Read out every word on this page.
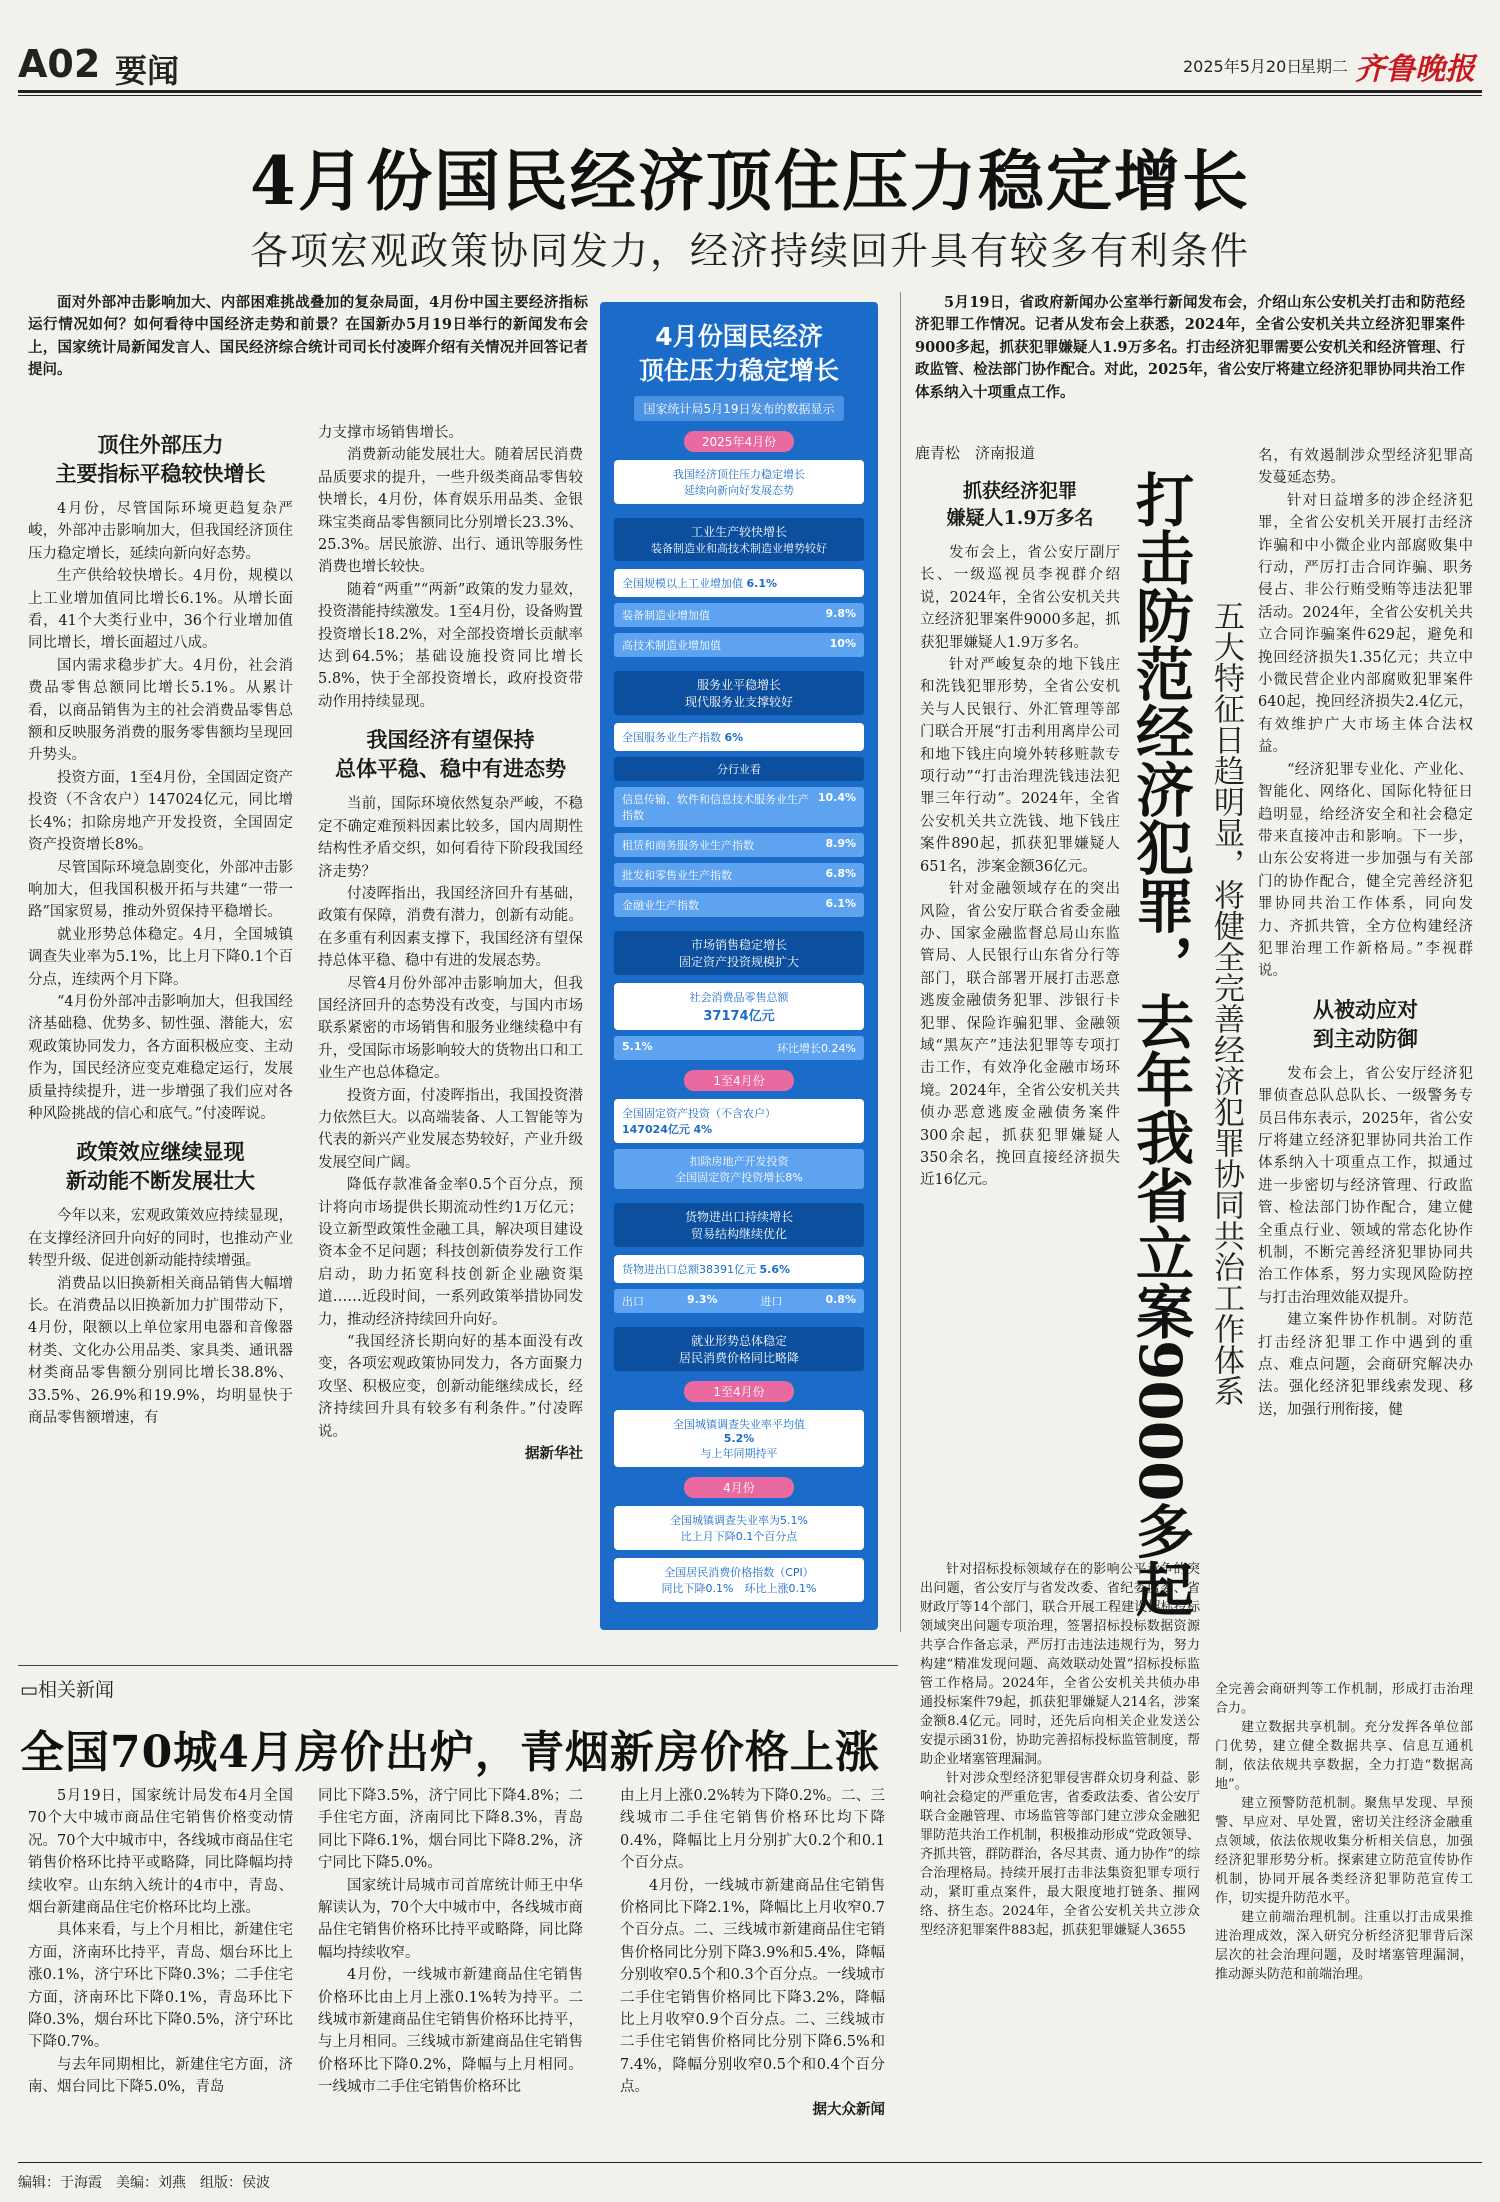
A02 要闻	2025年5月20日
星期二 齐鲁晚报
4月份国民经济顶住压力稳定增长
各项宏观政策协同发力，经济持续回升具有较多有利条件

面对外部冲击影响加大、内部困难挑战叠加的复杂局面，4月份中国主要经济指标运行情况如何？如何看待中国经济走势和前景？在国新办5月19日举行的新闻发布会上，国家统计局新闻发言人、国民经济综合统计司司长付凌晖介绍有关情况并回答记者提问。

顶住外部压力
主要指标平稳较快增长

4月份，尽管国际环境更趋复杂严峻，外部冲击影响加大，但我国经济顶住压力稳定增长，延续向新向好态势。

生产供给较快增长。4月份，规模以上工业增加值同比增长6.1%。从增长面看，41个大类行业中，36个行业增加值同比增长，增长面超过八成。

国内需求稳步扩大。4月份，社会消费品零售总额同比增长5.1%。从累计看，以商品销售为主的社会消费品零售总额和反映服务消费的服务零售额均呈现回升势头。

投资方面，1至4月份，全国固定资产投资（不含农户）147024亿元，同比增长4%；扣除房地产开发投资，全国固定资产投资增长8%。

尽管国际环境急剧变化，外部冲击影响加大，但我国积极开拓与共建“一带一路”国家贸易，推动外贸保持平稳增长。

就业形势总体稳定。4月，全国城镇调查失业率为5.1%，比上月下降0.1个百分点，连续两个月下降。

“4月份外部冲击影响加大，但我国经济基础稳、优势多、韧性强、潜能大，宏观政策协同发力，各方面积极应变、主动作为，国民经济应变克难稳定运行，发展质量持续提升，进一步增强了我们应对各种风险挑战的信心和底气。”付凌晖说。

政策效应继续显现
新动能不断发展壮大

今年以来，宏观政策效应持续显现，在支撑经济回升向好的同时，也推动产业转型升级、促进创新动能持续增强。

消费品以旧换新相关商品销售大幅增长。在消费品以旧换新加力扩围带动下，4月份，限额以上单位家用电器和音像器材类、文化办公用品类、家具类、通讯器材类商品零售额分别同比增长38.8%、33.5%、26.9%和19.9%，均明显快于商品零售额增速，有

力支撑市场销售增长。

消费新动能发展壮大。随着居民消费品质要求的提升，一些升级类商品零售较快增长，4月份，体育娱乐用品类、金银珠宝类商品零售额同比分别增长23.3%、25.3%。居民旅游、出行、通讯等服务性消费也增长较快。

随着“两重”“两新”政策的发力显效，投资潜能持续激发。1至4月份，设备购置投资增长18.2%，对全部投资增长贡献率达到64.5%；基础设施投资同比增长5.8%，快于全部投资增长，政府投资带动作用持续显现。

我国经济有望保持
总体平稳、稳中有进态势

当前，国际环境依然复杂严峻，不稳定不确定难预料因素比较多，国内周期性结构性矛盾交织，如何看待下阶段我国经济走势？

付凌晖指出，我国经济回升有基础，政策有保障，消费有潜力，创新有动能。在多重有利因素支撑下，我国经济有望保持总体平稳、稳中有进的发展态势。

尽管4月份外部冲击影响加大，但我国经济回升的态势没有改变，与国内市场联系紧密的市场销售和服务业继续稳中有升，受国际市场影响较大的货物出口和工业生产也总体稳定。

投资方面，付凌晖指出，我国投资潜力依然巨大。以高端装备、人工智能等为代表的新兴产业发展态势较好，产业升级发展空间广阔。

降低存款准备金率0.5个百分点，预计将向市场提供长期流动性约1万亿元；设立新型政策性金融工具，解决项目建设资本金不足问题；科技创新债券发行工作启动，助力拓宽科技创新企业融资渠道……近段时间，一系列政策举措协同发力，推动经济持续回升向好。

“我国经济长期向好的基本面没有改变，各项宏观政策协同发力，各方面聚力攻坚、积极应变，创新动能继续成长，经济持续回升具有较多有利条件。”付凌晖说。

据新华社

4月份国民经济
顶住压力稳定增长
国家统计局5月19日发布的数据显示
2025年4月份
我国经济顶住压力稳定增长
延续向新向好发展态势
工业生产较快增长
装备制造业和高技术制造业增势较好
全国规模以上工业增加值 6.1%
装备制造业增加值	9.8%
高技术制造业增加值	10%
服务业平稳增长
现代服务业支撑较好
全国服务业生产指数 6%
分行业看
信息传输、软件和信息技术服务业生产指数
10.4%
租赁和商务服务业生产指数	8.9%
批发和零售业生产指数	6.8%
金融业生产指数	6.1%
市场销售稳定增长
固定资产投资规模扩大
社会消费品零售总额
37174亿元
5.1%	环比增长0.24%
1至4月份
全国固定资产投资（不含农户）
147024亿元 4%
扣除房地产开发投资
全国固定资产投资增长8%
货物进出口持续增长
贸易结构继续优化
货物进出口总额38391亿元 5.6%
出口	9.3%	进口	0.8%
就业形势总体稳定
居民消费价格同比略降
1至4月份
全国城镇调查失业率平均值
5.2%
与上年同期持平
4月份
全国城镇调查失业率为5.1%
比上月下降0.1个百分点
全国居民消费价格指数（CPI）
同比下降0.1%　 环比上涨0.1%

5月19日，省政府新闻办公室举行新闻发布会，介绍山东公安机关打击和防范经济犯罪工作情况。记者从发布会上获悉，2024年，全省公安机关共立经济犯罪案件9000多起，抓获犯罪嫌疑人1.9万多名。打击经济犯罪需要公安机关和经济管理、行政监管、检法部门协作配合。对此，2025年，省公安厅将建立经济犯罪协同共治工作体系纳入十项重点工作。

鹿青松　济南报道
打击防范经济犯罪，去年我省立案9000多起 五大特征日趋明显，将健全完善经济犯罪协同共治工作体系
抓获经济犯罪
嫌疑人1.9万多名

发布会上，省公安厅副厅长、一级巡视员李视群介绍说，2024年，全省公安机关共立经济犯罪案件9000多起，抓获犯罪嫌疑人1.9万多名。

针对严峻复杂的地下钱庄和洗钱犯罪形势，全省公安机关与人民银行、外汇管理等部门联合开展“打击利用离岸公司和地下钱庄向境外转移赃款专项行动”“打击治理洗钱违法犯罪三年行动”。2024年，全省公安机关共立洗钱、地下钱庄案件890起，抓获犯罪嫌疑人651名，涉案金额36亿元。

针对金融领域存在的突出风险，省公安厅联合省委金融办、国家金融监督总局山东监管局、人民银行山东省分行等部门，联合部署开展打击恶意逃废金融债务犯罪、涉银行卡犯罪、保险诈骗犯罪、金融领域“黑灰产”违法犯罪等专项打击工作，有效净化金融市场环境。2024年，全省公安机关共侦办恶意逃废金融债务案件300余起，抓获犯罪嫌疑人350余名，挽回直接经济损失近16亿元。

针对招标投标领域存在的影响公平竞争的突出问题，省公安厅与省发改委、省纪委监委、省财政厅等14个部门，联合开展工程建设招标投标领域突出问题专项治理，签署招标投标数据资源共享合作备忘录，严厉打击违法违规行为，努力构建“精准发现问题、高效联动处置”招标投标监管工作格局。2024年，全省公安机关共侦办串通投标案件79起，抓获犯罪嫌疑人214名，涉案金额8.4亿元。同时，还先后向相关企业发送公安提示函31份，协助完善招标投标监管制度，帮助企业堵塞管理漏洞。

针对涉众型经济犯罪侵害群众切身利益、影响社会稳定的严重危害，省委政法委、省公安厅联合金融管理、市场监管等部门建立涉众金融犯罪防范共治工作机制，积极推动形成“党政领导、齐抓共管，群防群治，各尽其责、通力协作”的综合治理格局。持续开展打击非法集资犯罪专项行动，紧盯重点案件，最大限度地打链条、摧网络、挤生态。2024年，全省公安机关共立涉众型经济犯罪案件883起，抓获犯罪嫌疑人3655

名，有效遏制涉众型经济犯罪高发蔓延态势。

针对日益增多的涉企经济犯罪，全省公安机关开展打击经济诈骗和中小微企业内部腐败集中行动，严厉打击合同诈骗、职务侵占、非公行贿受贿等违法犯罪活动。2024年，全省公安机关共立合同诈骗案件629起，避免和挽回经济损失1.35亿元；共立中小微民营企业内部腐败犯罪案件640起，挽回经济损失2.4亿元，有效维护广大市场主体合法权益。

“经济犯罪专业化、产业化、智能化、网络化、国际化特征日趋明显，给经济安全和社会稳定带来直接冲击和影响。下一步，山东公安将进一步加强与有关部门的协作配合，健全完善经济犯罪协同共治工作体系，同向发力、齐抓共管，全方位构建经济犯罪治理工作新格局。”李视群说。

从被动应对
到主动防御

发布会上，省公安厅经济犯罪侦查总队总队长、一级警务专员吕伟东表示，2025年，省公安厅将建立经济犯罪协同共治工作体系纳入十项重点工作，拟通过进一步密切与经济管理、行政监管、检法部门协作配合，建立健全重点行业、领域的常态化协作机制，不断完善经济犯罪协同共治工作体系，努力实现风险防控与打击治理效能双提升。

建立案件协作机制。对防范打击经济犯罪工作中遇到的重点、难点问题，会商研究解决办法。强化经济犯罪线索发现、移送，加强行刑衔接，健

全完善会商研判等工作机制，形成打击治理合力。

建立数据共享机制。充分发挥各单位部门优势，建立健全数据共享、信息互通机制，依法依规共享数据，全力打造“数据高地”。

建立预警防范机制。聚焦早发现、早预警、早应对、早处置，密切关注经济金融重点领域，依法依规收集分析相关信息，加强经济犯罪形势分析。探索建立防范宣传协作机制，协同开展各类经济犯罪防范宣传工作，切实提升防范水平。

建立前端治理机制。注重以打击成果推进治理成效，深入研究分析经济犯罪背后深层次的社会治理问题，及时堵塞管理漏洞，推动源头防范和前端治理。

▭相关新闻
全国70城4月房价出炉，青烟新房价格上涨

5月19日，国家统计局发布4月全国70个大中城市商品住宅销售价格变动情况。70个大中城市中，各线城市商品住宅销售价格环比持平或略降，同比降幅均持续收窄。山东纳入统计的4市中，青岛、烟台新建商品住宅价格环比均上涨。

具体来看，与上个月相比，新建住宅方面，济南环比持平，青岛、烟台环比上涨0.1%，济宁环比下降0.3%；二手住宅方面，济南环比下降0.1%，青岛环比下降0.3%，烟台环比下降0.5%，济宁环比下降0.7%。

与去年同期相比，新建住宅方面，济南、烟台同比下降5.0%，青岛

同比下降3.5%，济宁同比下降4.8%；二手住宅方面，济南同比下降8.3%，青岛同比下降6.1%，烟台同比下降8.2%，济宁同比下降5.0%。

国家统计局城市司首席统计师王中华解读认为，70个大中城市中，各线城市商品住宅销售价格环比持平或略降，同比降幅均持续收窄。

4月份，一线城市新建商品住宅销售价格环比由上月上涨0.1%转为持平。二线城市新建商品住宅销售价格环比持平，与上月相同。三线城市新建商品住宅销售价格环比下降0.2%，降幅与上月相同。一线城市二手住宅销售价格环比

由上月上涨0.2%转为下降0.2%。二、三线城市二手住宅销售价格环比均下降0.4%，降幅比上月分别扩大0.2个和0.1个百分点。

4月份，一线城市新建商品住宅销售价格同比下降2.1%，降幅比上月收窄0.7个百分点。二、三线城市新建商品住宅销售价格同比分别下降3.9%和5.4%，降幅分别收窄0.5个和0.3个百分点。一线城市二手住宅销售价格同比下降3.2%，降幅比上月收窄0.9个百分点。二、三线城市二手住宅销售价格同比分别下降6.5%和7.4%，降幅分别收窄0.5个和0.4个百分点。

据大众新闻

编辑：于海霞　美编：刘燕　组版：侯波
